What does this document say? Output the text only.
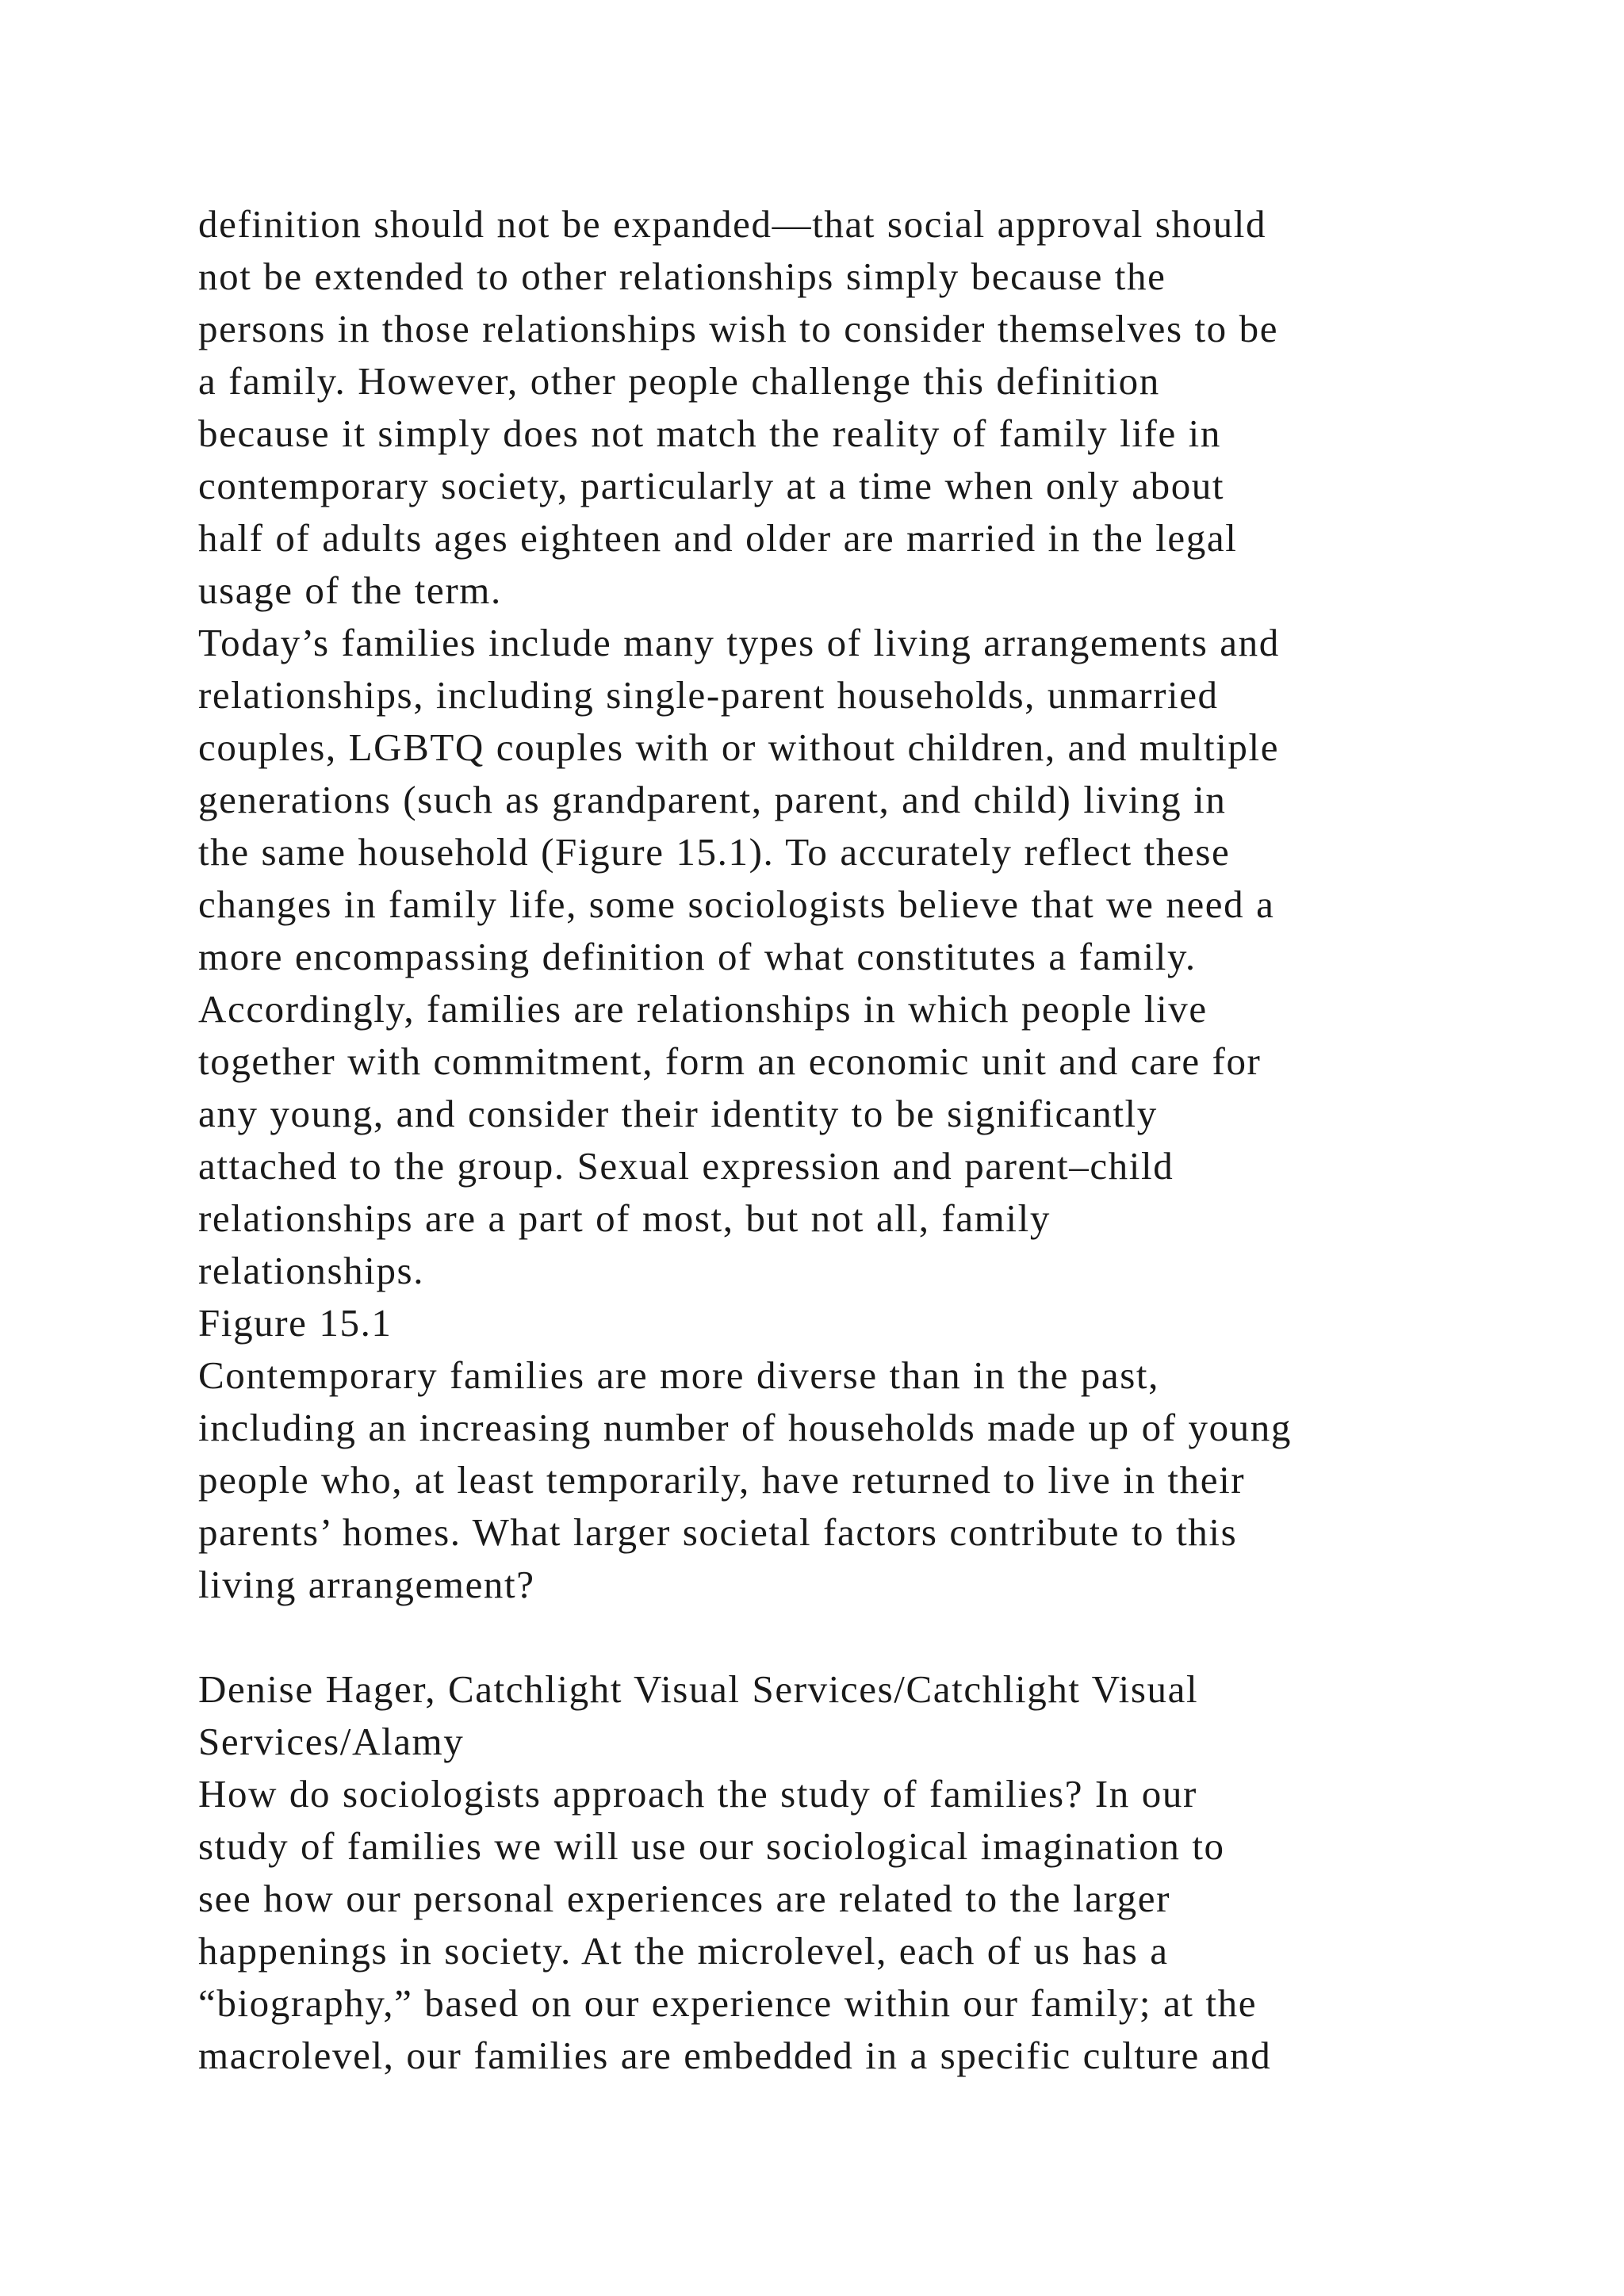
definition should not be expanded—that social approval should
not be extended to other relationships simply because the
persons in those relationships wish to consider themselves to be
a family. However, other people challenge this definition
because it simply does not match the reality of family life in
contemporary society, particularly at a time when only about
half of adults ages eighteen and older are married in the legal
usage of the term.
Today’s families include many types of living arrangements and
relationships, including single-parent households, unmarried
couples, LGBTQ couples with or without children, and multiple
generations (such as grandparent, parent, and child) living in
the same household (Figure 15.1). To accurately reflect these
changes in family life, some sociologists believe that we need a
more encompassing definition of what constitutes a family.
Accordingly, families are relationships in which people live
together with commitment, form an economic unit and care for
any young, and consider their identity to be significantly
attached to the group. Sexual expression and parent–child
relationships are a part of most, but not all, family
relationships.
Figure 15.1
Contemporary families are more diverse than in the past,
including an increasing number of households made up of young
people who, at least temporarily, have returned to live in their
parents’ homes. What larger societal factors contribute to this
living arrangement?
Denise Hager, Catchlight Visual Services/Catchlight Visual
Services/Alamy
How do sociologists approach the study of families? In our
study of families we will use our sociological imagination to
see how our personal experiences are related to the larger
happenings in society. At the microlevel, each of us has a
“biography,” based on our experience within our family; at the
macrolevel, our families are embedded in a specific culture and
